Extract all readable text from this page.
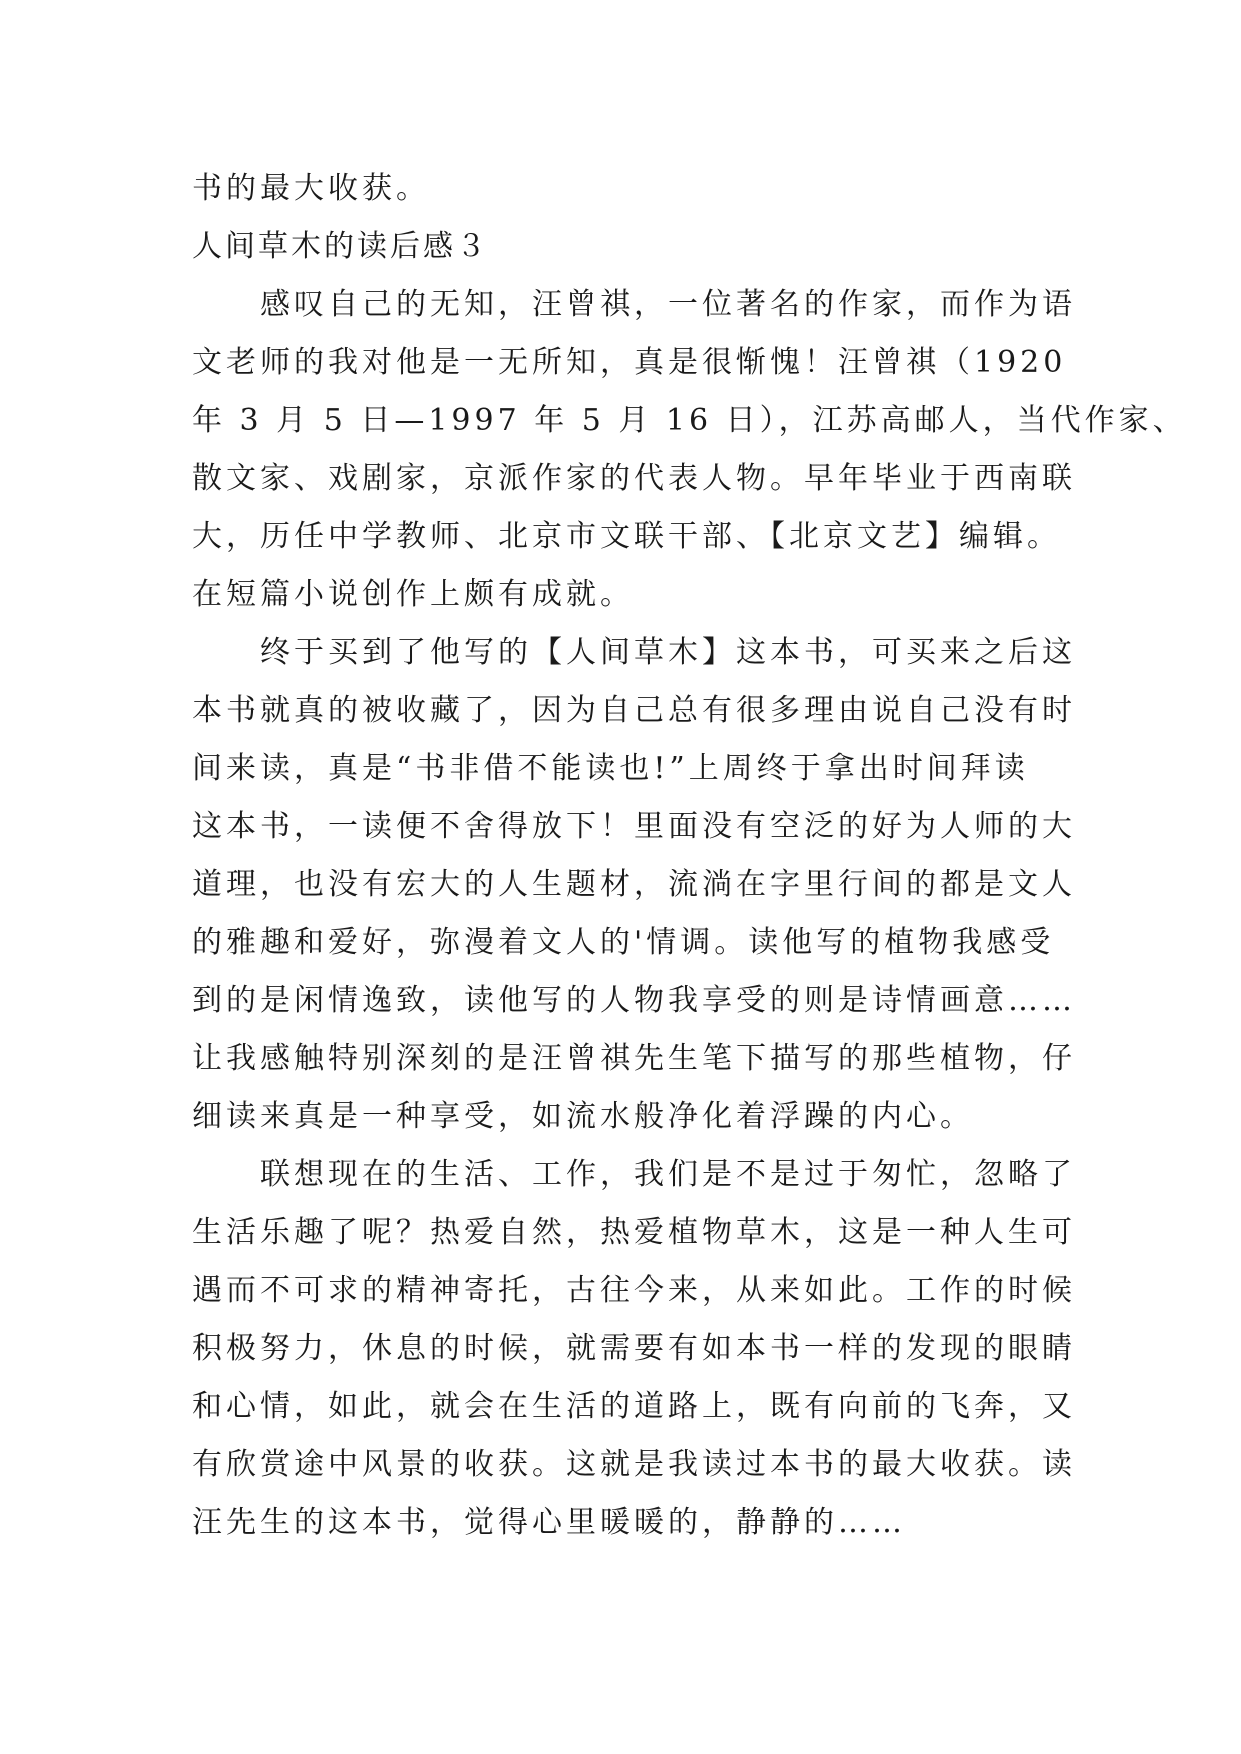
书的最大收获。
人间草木的读后感３
感叹自己的无知，汪曾祺，一位著名的作家，而作为语
文老师的我对他是一无所知，真是很惭愧！汪曾祺（1920
年 3 月 5 日—1997 年 5 月 16 日），江苏高邮人，当代作家、
散文家、戏剧家，京派作家的代表人物。早年毕业于西南联
大，历任中学教师、北京市文联干部、【北京文艺】编辑。
在短篇小说创作上颇有成就。
终于买到了他写的【人间草木】这本书，可买来之后这
本书就真的被收藏了，因为自己总有很多理由说自己没有时
间来读，真是“书非借不能读也!”上周终于拿出时间拜读
这本书，一读便不舍得放下！里面没有空泛的好为人师的大
道理，也没有宏大的人生题材，流淌在字里行间的都是文人
的雅趣和爱好，弥漫着文人的'情调。读他写的植物我感受
到的是闲情逸致，读他写的人物我享受的则是诗情画意……
让我感触特别深刻的是汪曾祺先生笔下描写的那些植物，仔
细读来真是一种享受，如流水般净化着浮躁的内心。
联想现在的生活、工作，我们是不是过于匆忙，忽略了
生活乐趣了呢？热爱自然，热爱植物草木，这是一种人生可
遇而不可求的精神寄托，古往今来，从来如此。工作的时候
积极努力，休息的时候，就需要有如本书一样的发现的眼睛
和心情，如此，就会在生活的道路上，既有向前的飞奔，又
有欣赏途中风景的收获。这就是我读过本书的最大收获。读
汪先生的这本书，觉得心里暖暖的，静静的……
